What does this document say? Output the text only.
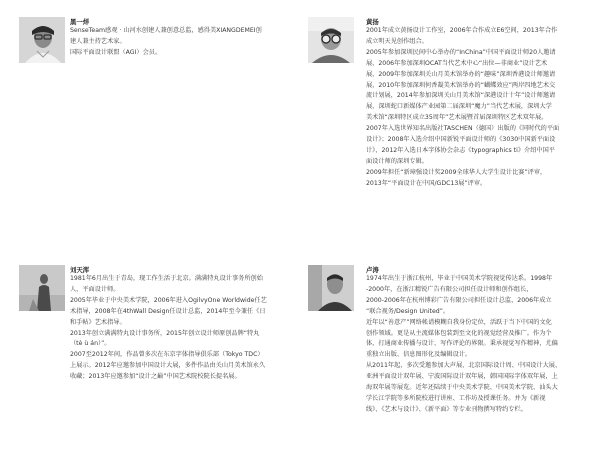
黑一烊

SenseTeam感观 · 山河水创建人兼创意总监，感得美XIANGDEMEI创

建人兼主持艺术家。

国际平面设计联盟（AGI）会员。

黄扬

2001年成立黄扬设计工作室，2006年合作成立E6空间，2013年合作

成立明天见创作组合。

2005年参加深圳民间中心举办的“InChina”中国平面设计师20人邀请

展，2006年参加深圳OCAT当代艺术中心“出位—非商业”设计艺术

展，2009年参加深圳关山月美术馆举办的“趣味”深圳香港设计师邀请

展，2010年参加深圳何香凝美术馆举办的“蝴蝶效应”两岸四地艺术交

流计划展，2014年参加深圳关山月美术馆“深港设计十年”设计师邀请

展，深圳蛇口新媒体产业园第二届深圳“魔力”当代艺术展，深圳大学

美术馆“深圳特区成立35周年”艺术展暨首届深圳特区艺术双年展。

2007年入选世界知名出版社TASCHEN（德国）出版的《同时代的平面

设计》；2008年入选介绍中国新锐平面设计师的《3030中国新平面设

计》，2012年入选日本字体协会杂志《typographics ti》介绍中国平

面设计师的深圳专辑。

2009年担任“新璋强设计奖2009全球华人大学生设计比赛”评审，

2013年“平面设计在中国/GDC13展”评审。

刘天浑

1981年6月出生于青岛，现工作生活于北京。满满特丸设计事务所创始

人，平面设计师。

2005年毕业于中央美术学院，2006年进入OgilvyOne Worldwide任艺

术指导，2008年在4thWall Design任设计总监，2014年至今兼任《日

和手帖》艺术指导。

2013年创立满满特丸设计事务所，2015年创立设计师原创品牌“特丸

（tè ù án）”。

2007至2012年间，作品曾多次在东京字体指导俱乐部（Tokyo TDC）

上展示。2012年应邀参加中国设计大展，多件作品由关山月美术馆永久

收藏；2013年应邀参加“设计之巅”中国艺术院校院长提名展。

卢涛

1974年出生于浙江杭州，毕业于中国美术学院视觉传达系。1998年

-2000年，在浙江精锐广告有限公司担任设计师和创作组长，

2000-2006年在杭州博彩广告有限公司担任设计总监，2006年成立

“联合视务/Design United”。

近年以“善意产”网络帐谱模糊自我身份定位，活跃于当下中国的文化

创作领域。更是从主流媒体包装到至文化的视觉经营及推广。作为个

体，打通商业传播与设计、写作评论的界限。秉承视觉写作精神，尤偏

重独立出版、信息图形化及编辑设计。

从2011年起，多次受邀参加大声展、北京国际设计周、中国设计大展、

亚洲平面设计双年展、宁波国际设计双年展，韩国国际字体双年展，上

海双年展等展览。近年还陆续于中央美术学院、中国美术学院、汕头大

学长江学院等多所院校进行讲座、工作坊及授课任务。并为《新视

线》、《艺术与设计》、《新平面》等专业刊物撰写特约专栏。
